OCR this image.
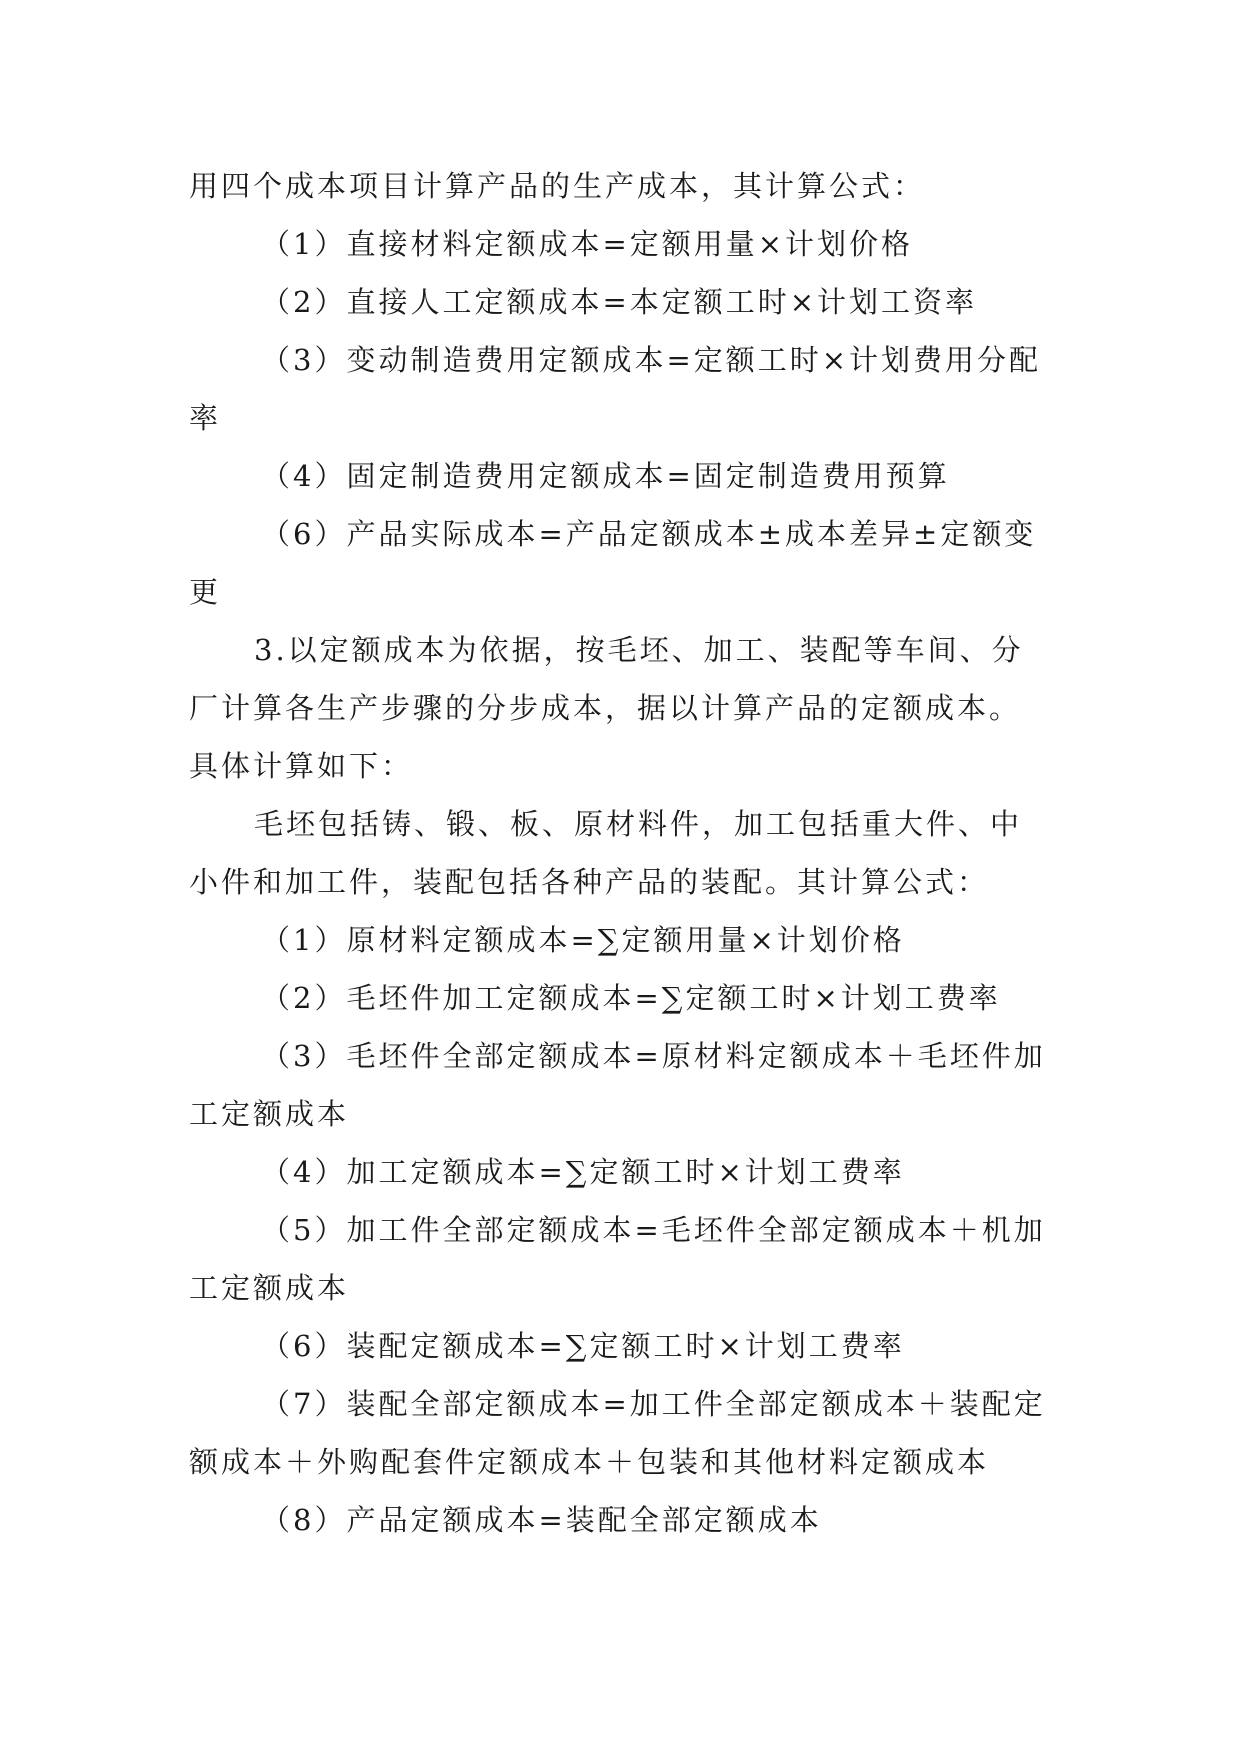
用四个成本项目计算产品的生产成本，其计算公式：
（1）直接材料定额成本=定额用量×计划价格
（2）直接人工定额成本=本定额工时×计划工资率
（3）变动制造费用定额成本=定额工时×计划费用分配
率
（4）固定制造费用定额成本=固定制造费用预算
（6）产品实际成本=产品定额成本±成本差异±定额变
更
3.以定额成本为依据，按毛坯、加工、装配等车间、分
厂计算各生产步骤的分步成本，据以计算产品的定额成本。
具体计算如下：
毛坯包括铸、锻、板、原材料件，加工包括重大件、中
小件和加工件，装配包括各种产品的装配。其计算公式：
（1）原材料定额成本=∑定额用量×计划价格
（2）毛坯件加工定额成本=∑定额工时×计划工费率
（3）毛坯件全部定额成本=原材料定额成本＋毛坯件加
工定额成本
（4）加工定额成本=∑定额工时×计划工费率
（5）加工件全部定额成本=毛坯件全部定额成本＋机加
工定额成本
（6）装配定额成本=∑定额工时×计划工费率
（7）装配全部定额成本=加工件全部定额成本＋装配定
额成本＋外购配套件定额成本＋包装和其他材料定额成本
（8）产品定额成本=装配全部定额成本
